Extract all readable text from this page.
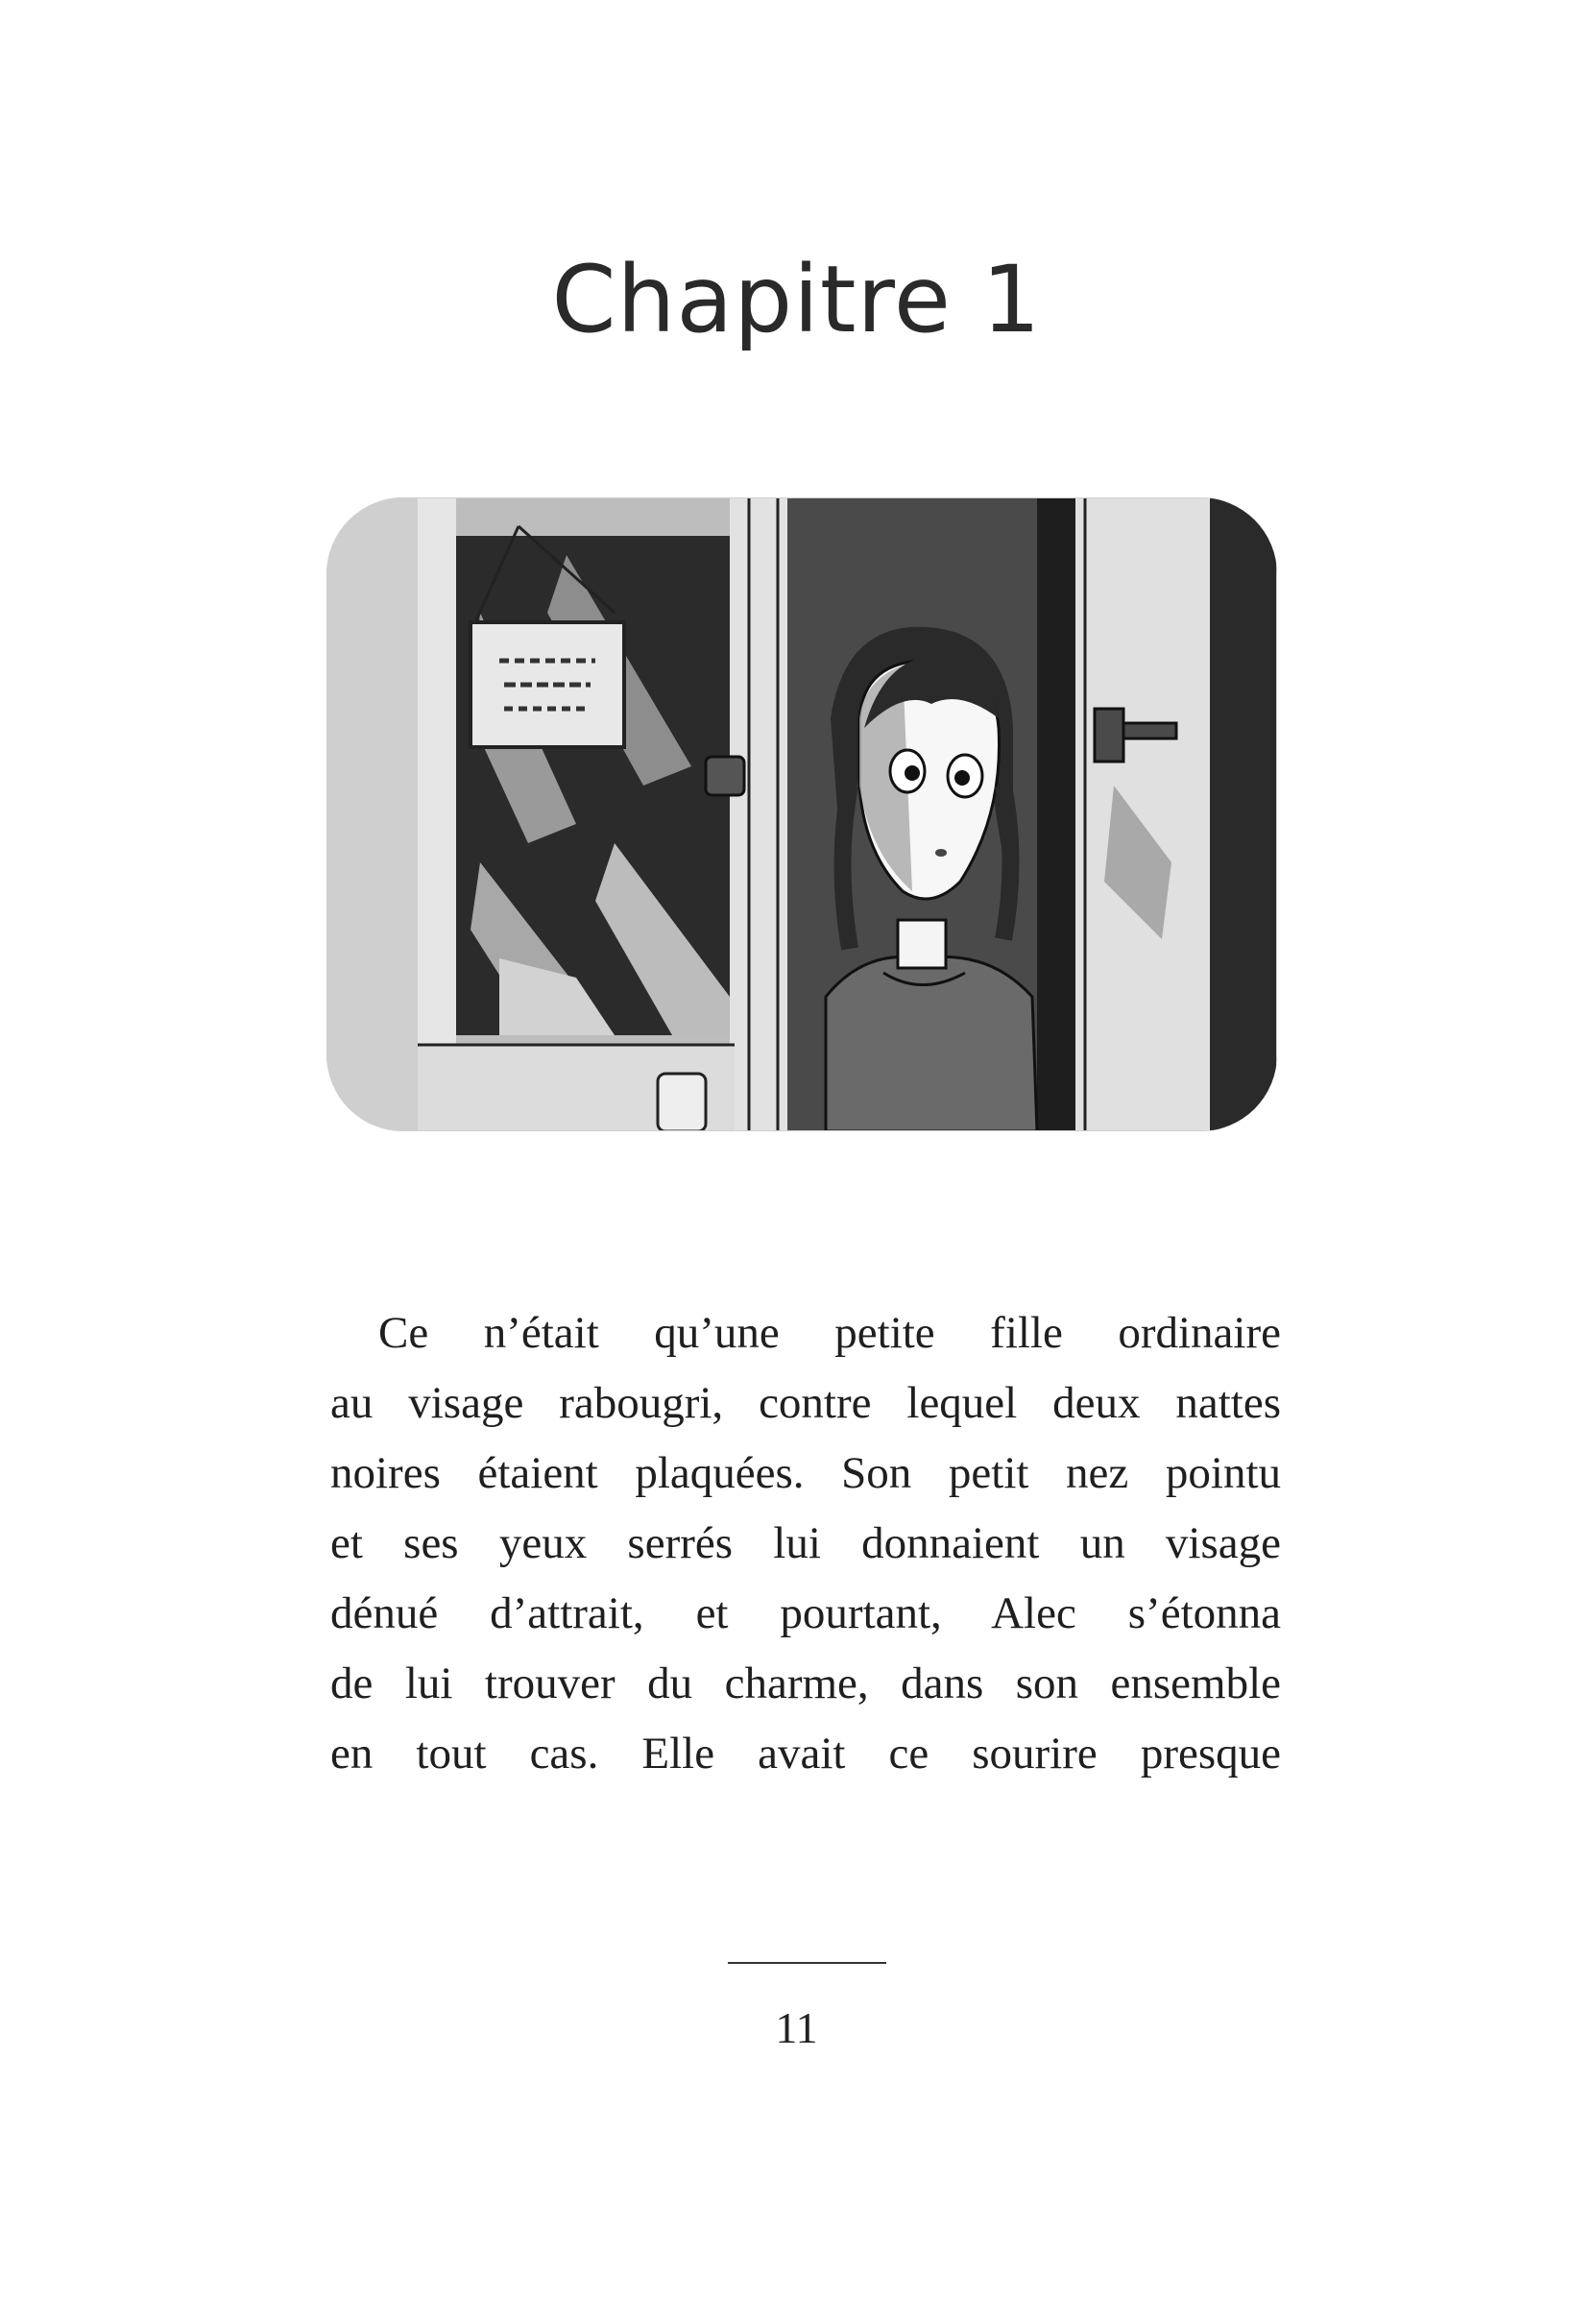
Chapitre 1

Ce n’était qu’une petite fille ordinaire
au visage rabougri, contre lequel deux nattes
noires étaient plaquées. Son petit nez pointu
et ses yeux serrés lui donnaient un visage
dénué d’attrait, et pourtant, Alec s’étonna
de lui trouver du charme, dans son ensemble
en tout cas. Elle avait ce sourire presque

11
